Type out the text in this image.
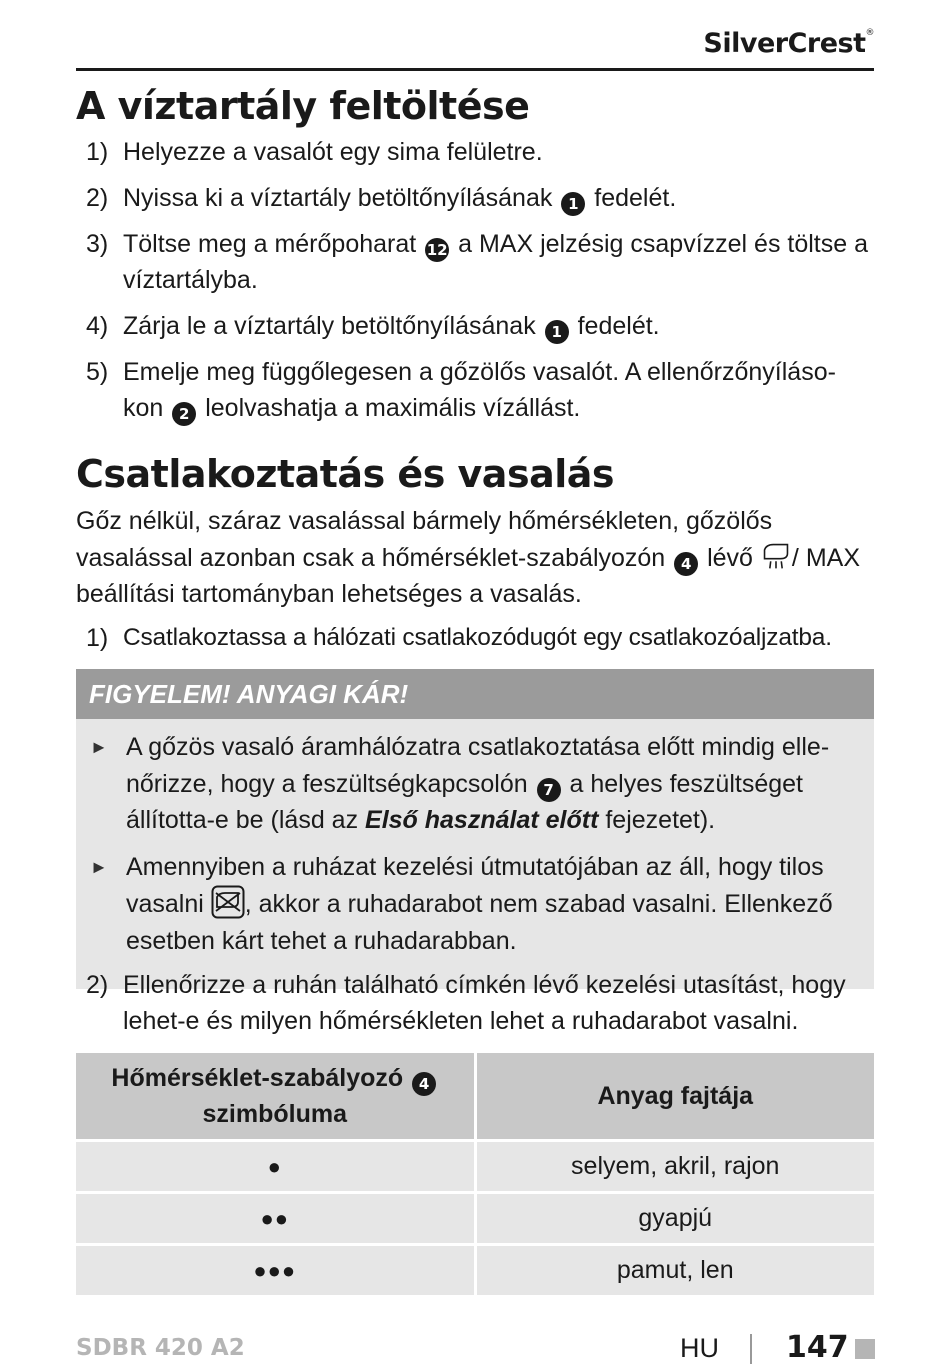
SilverCrest®
A víztartály feltöltése
1) Helyezze a vasalót egy sima felületre.
2) Nyissa ki a víztartály betöltőnyílásának 1 fedelét.
3) Töltse meg a mérőpoharat 12 a MAX jelzésig csapvízzel és töltse a víztartályba.
4) Zárja le a víztartály betöltőnyílásának 1 fedelét.
5) Emelje meg függőlegesen a gőzölős vasalót. A ellenőrzőnyíláso-kon 2 leolvashatja a maximális vízállást.
Csatlakoztatás és vasalás
Gőz nélkül, száraz vasalással bármely hőmérsékleten, gőzölős vasalással azonban csak a hőmérséklet-szabályozón 4 lévő / MAX beállítási tartományban lehetséges a vasalás.
1) Csatlakoztassa a hálózati csatlakozódugót egy csatlakozóaljzatba.
FIGYELEM! ANYAGI KÁR!
► A gőzös vasaló áramhálózatra csatlakoztatása előtt mindig elle-nőrizze, hogy a feszültségkapcsolón 7 a helyes feszültséget állította-e be (lásd az Első használat előtt fejezetet).
► Amennyiben a ruházat kezelési útmutatójában az áll, hogy tilos vasalni , akkor a ruhadarabot nem szabad vasalni. Ellenkező esetben kárt tehet a ruhadarabban.
2) Ellenőrizze a ruhán található címkén lévő kezelési utasítást, hogy lehet-e és milyen hőmérsékleten lehet a ruhadarabot vasalni.
Hőmérséklet-szabályozó 4
szimbóluma	Anyag fajtája
●	selyem, akril, rajon
●●	gyapjú
●●●	pamut, len
SDBR 420 A2	HU 147
